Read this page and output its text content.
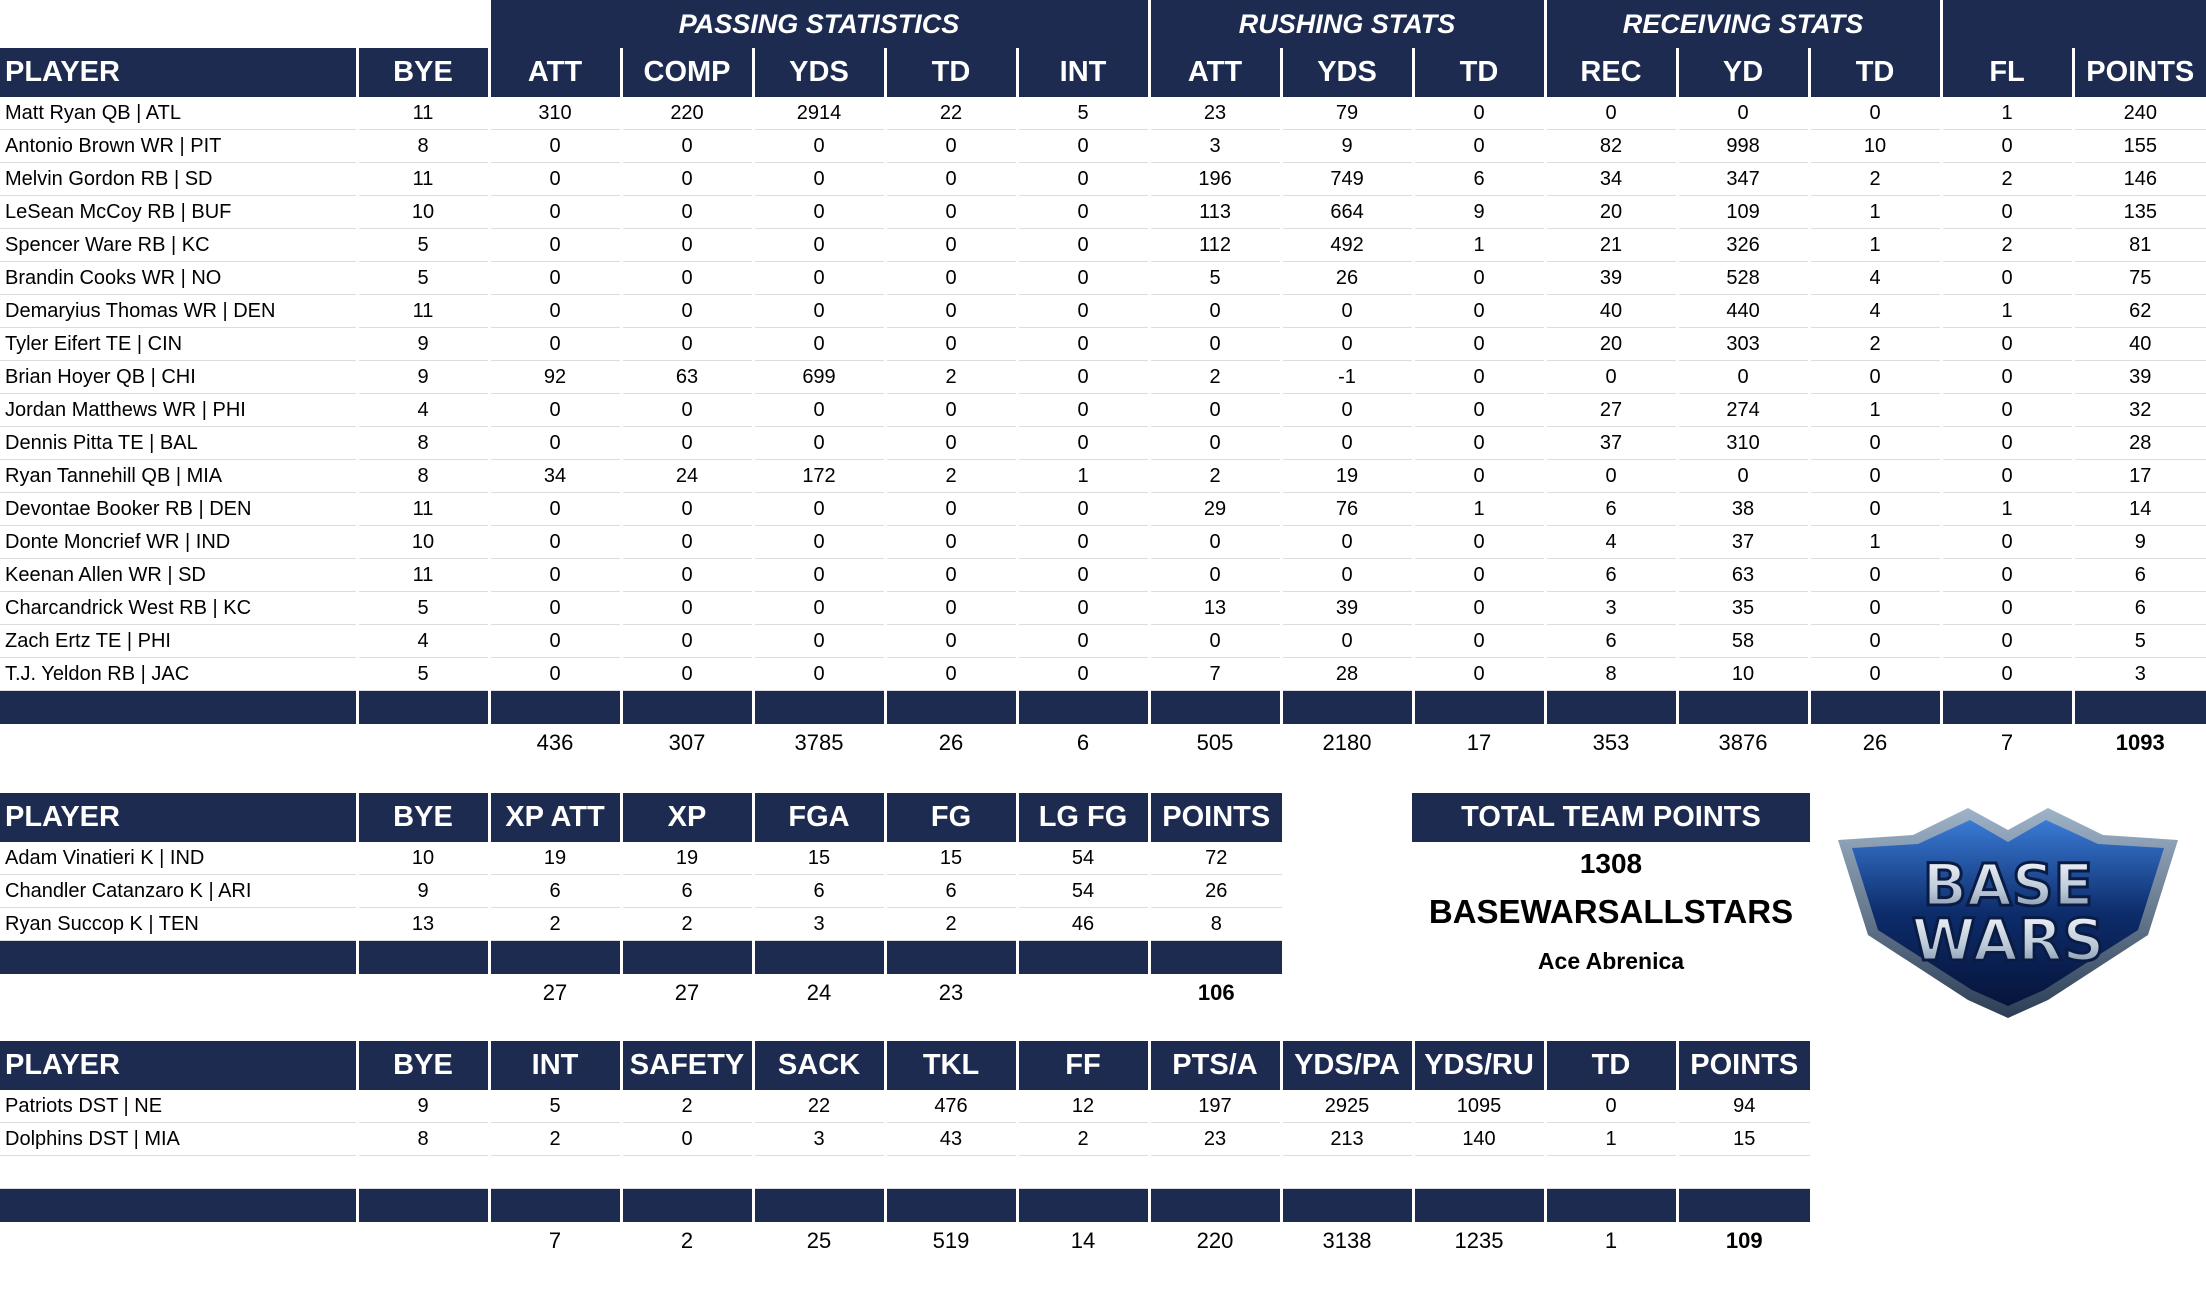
		PASSING STATISTICS					RUSHING STATS			RECEIVING STATS				
PLAYER	BYE	ATT	COMP	YDS	TD	INT	ATT	YDS	TD	REC	YD	TD	FL	POINTS
Matt Ryan QB | ATL	11	310	220	2914	22	5	23	79	0	0	0	0	1	240
Antonio Brown WR | PIT	8	0	0	0	0	0	3	9	0	82	998	10	0	155
Melvin Gordon RB | SD	11	0	0	0	0	0	196	749	6	34	347	2	2	146
LeSean McCoy RB | BUF	10	0	0	0	0	0	113	664	9	20	109	1	0	135
Spencer Ware RB | KC	5	0	0	0	0	0	112	492	1	21	326	1	2	81
Brandin Cooks WR | NO	5	0	0	0	0	0	5	26	0	39	528	4	0	75
Demaryius Thomas WR | DEN	11	0	0	0	0	0	0	0	0	40	440	4	1	62
Tyler Eifert TE | CIN	9	0	0	0	0	0	0	0	0	20	303	2	0	40
Brian Hoyer QB | CHI	9	92	63	699	2	0	2	-1	0	0	0	0	0	39
Jordan Matthews WR | PHI	4	0	0	0	0	0	0	0	0	27	274	1	0	32
Dennis Pitta TE | BAL	8	0	0	0	0	0	0	0	0	37	310	0	0	28
Ryan Tannehill QB | MIA	8	34	24	172	2	1	2	19	0	0	0	0	0	17
Devontae Booker RB | DEN	11	0	0	0	0	0	29	76	1	6	38	0	1	14
Donte Moncrief WR | IND	10	0	0	0	0	0	0	0	0	4	37	1	0	9
Keenan Allen WR | SD	11	0	0	0	0	0	0	0	0	6	63	0	0	6
Charcandrick West RB | KC	5	0	0	0	0	0	13	39	0	3	35	0	0	6
Zach Ertz TE | PHI	4	0	0	0	0	0	0	0	0	6	58	0	0	5
T.J. Yeldon RB | JAC	5	0	0	0	0	0	7	28	0	8	10	0	0	3

		436	307	3785	26	6	505	2180	17	353	3876	26	7	1093
PLAYER	BYE	XP ATT	XP	FGA	FG	LG FG	POINTS
Adam Vinatieri K | IND	10	19	19	15	15	54	72
Chandler Catanzaro K | ARI	9	6	6	6	6	54	26
Ryan Succop K | TEN	13	2	2	3	2	46	8

		27	27	24	23		106
PLAYER	BYE	INT	SAFETY	SACK	TKL	FF	PTS/A	YDS/PA	YDS/RU	TD	POINTS
Patriots DST | NE	9	5	2	22	476	12	197	2925	1095	0	94
Dolphins DST | MIA	8	2	0	3	43	2	23	213	140	1	15

		7	2	25	519	14	220	3138	1235	1	109
TOTAL TEAM POINTS
1308
BASEWARSALLSTARS
Ace Abrenica
BASE
WARS
